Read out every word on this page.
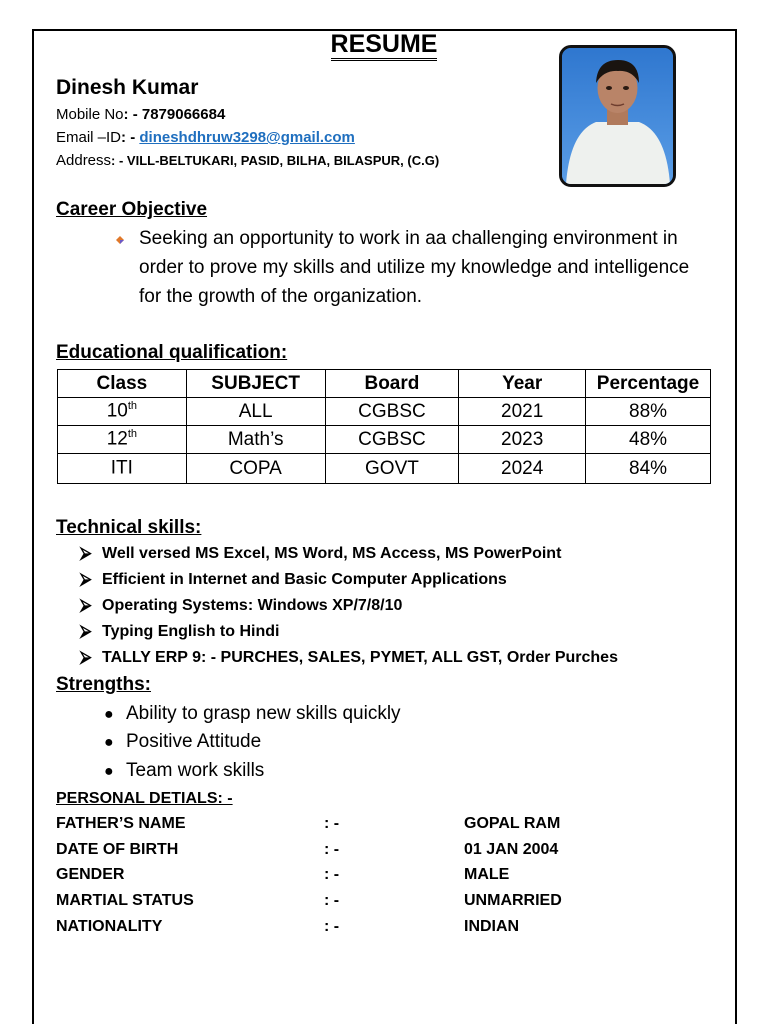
RESUME
Dinesh Kumar
Mobile No: - 7879066684
Email –ID: - dineshdhruw3298@gmail.com
Address: - VILL-BELTUKARI, PASID, BILHA, BILASPUR, (C.G)
Career Objective
Seeking an opportunity to work in aa challenging environment in order to prove my skills and utilize my knowledge and intelligence for the growth of the organization.
Educational qualification:
Class	SUBJECT	Board	Year	Percentage
10th	ALL	CGBSC	2021	88%
12th	Math’s	CGBSC	2023	48%
ITI	COPA	GOVT	2024	84%
Technical skills:
⮚ Well versed MS Excel, MS Word, MS Access, MS PowerPoint
⮚ Efficient in Internet and Basic Computer Applications
⮚ Operating Systems: Windows XP/7/8/10
⮚ Typing English to Hindi
⮚ TALLY ERP 9: - PURCHES, SALES, PYMET, ALL GST, Order Purches
Strengths:
● Ability to grasp new skills quickly
● Positive Attitude
● Team work skills
PERSONAL DETIALS: -
FATHER’S NAME	: -	GOPAL RAM
DATE OF BIRTH	: -	01 JAN 2004
GENDER	: -	MALE
MARTIAL STATUS	: -	UNMARRIED
NATIONALITY	: -	INDIAN
